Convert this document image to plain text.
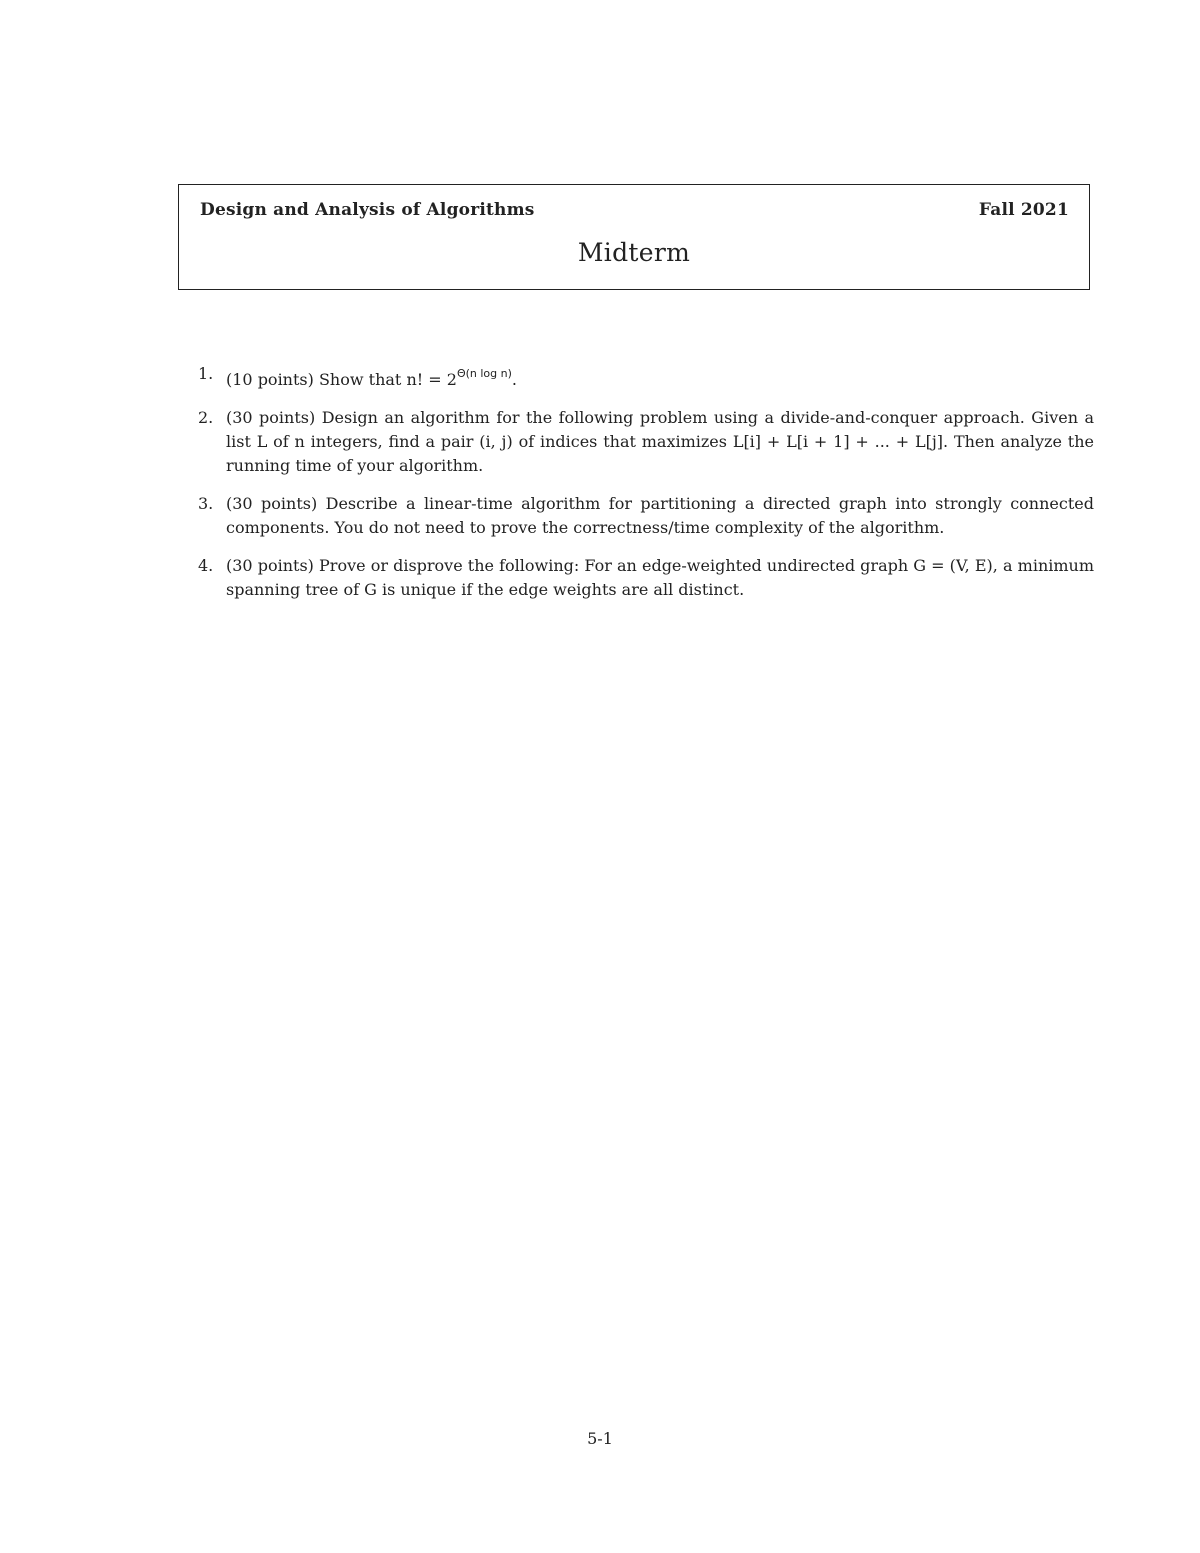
Design and Analysis of Algorithms	Fall 2021
Midterm
1. (10 points) Show that n! = $2^{\Theta(n log n)}$.
2. (30 points) Design an algorithm for the following problem using a divide-and-conquer approach. Given a list L of n integers, find a pair (i, j) of indices that maximizes L[i] + L[i + 1] + ... + L[j]. Then analyze the running time of your algorithm.
3. (30 points) Describe a linear-time algorithm for partitioning a directed graph into strongly connected components. You do not need to prove the correctness/time complexity of the algorithm.
4. (30 points) Prove or disprove the following: For an edge-weighted undirected graph G = (V, E), a minimum spanning tree of G is unique if the edge weights are all distinct.
5-1
